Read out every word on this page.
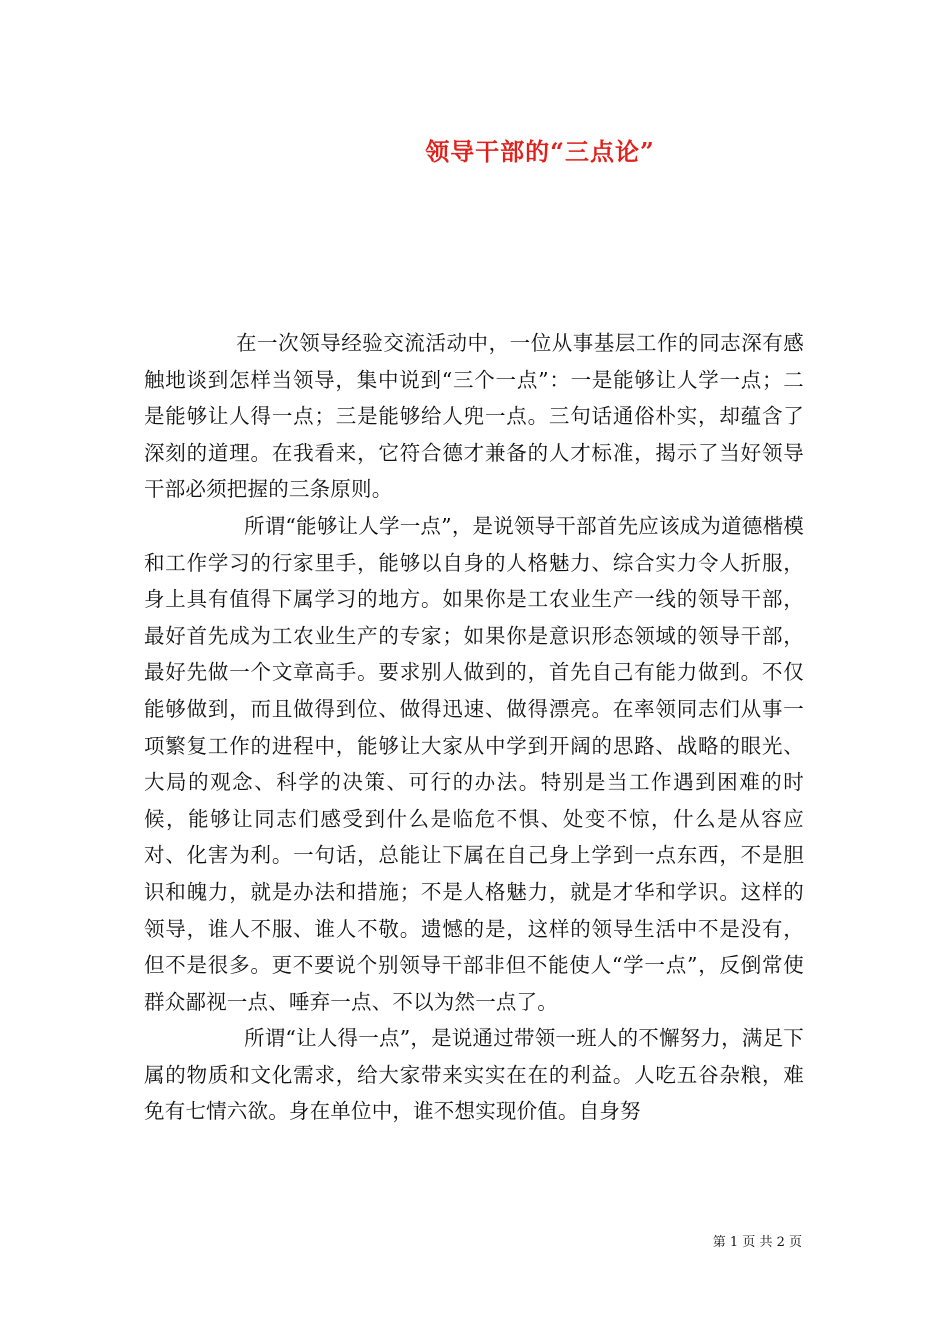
领导干部的“三点论”

在一次领导经验交流活动中，一位从事基层工作的同志深有感触地谈到怎样当领导，集中说到“三个一点”：一是能够让人学一点；二是能够让人得一点；三是能够给人兜一点。三句话通俗朴实，却蕴含了深刻的道理。在我看来，它符合德才兼备的人才标准，揭示了当好领导干部必须把握的三条原则。

所谓“能够让人学一点”，是说领导干部首先应该成为道德楷模和工作学习的行家里手，能够以自身的人格魅力、综合实力令人折服，身上具有值得下属学习的地方。如果你是工农业生产一线的领导干部，最好首先成为工农业生产的专家；如果你是意识形态领域的领导干部，最好先做一个文章高手。要求别人做到的，首先自己有能力做到。不仅能够做到，而且做得到位、做得迅速、做得漂亮。在率领同志们从事一项繁复工作的进程中，能够让大家从中学到开阔的思路、战略的眼光、大局的观念、科学的决策、可行的办法。特别是当工作遇到困难的时候，能够让同志们感受到什么是临危不惧、处变不惊，什么是从容应对、化害为利。一句话，总能让下属在自己身上学到一点东西，不是胆识和魄力，就是办法和措施；不是人格魅力，就是才华和学识。这样的领导，谁人不服、谁人不敬。遗憾的是，这样的领导生活中不是没有，但不是很多。更不要说个别领导干部非但不能使人“学一点”，反倒常使群众鄙视一点、唾弃一点、不以为然一点了。

所谓“让人得一点”，是说通过带领一班人的不懈努力，满足下属的物质和文化需求，给大家带来实实在在的利益。人吃五谷杂粮，难免有七情六欲。身在单位中，谁不想实现价值。自身努

第 1 页 共 2 页
